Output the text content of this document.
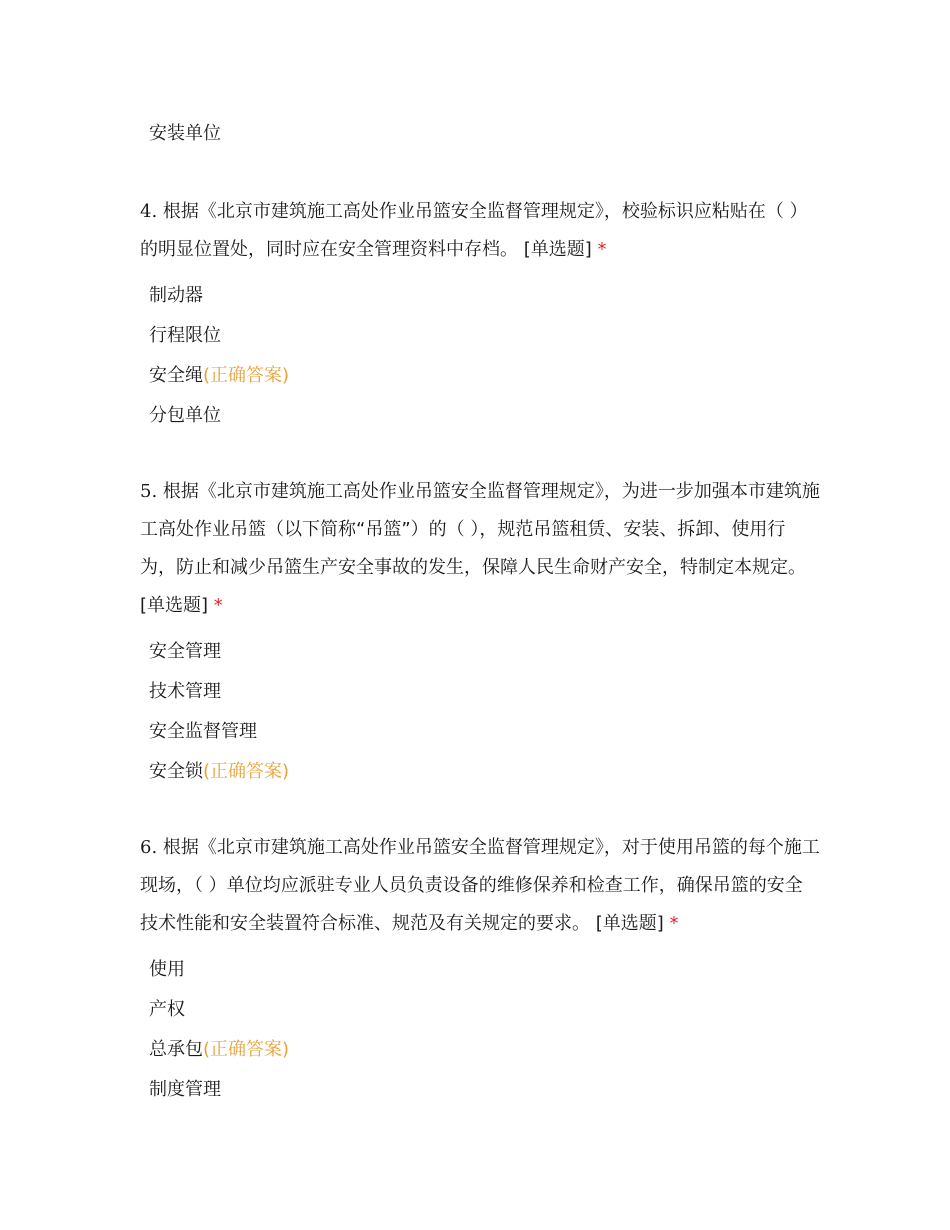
安装单位

4. 根据《北京市建筑施工高处作业吊篮安全监督管理规定》，校验标识应粘贴在（ ）的明显位置处，同时应在安全管理资料中存档。 [单选题] *

制动器
行程限位
安全绳(正确答案)
分包单位

5. 根据《北京市建筑施工高处作业吊篮安全监督管理规定》，为进一步加强本市建筑施工高处作业吊篮（以下简称“吊篮”）的（ ），规范吊篮租赁、安装、拆卸、使用行为，防止和减少吊篮生产安全事故的发生，保障人民生命财产安全，特制定本规定。 [单选题] *

安全管理
技术管理
安全监督管理
安全锁(正确答案)

6. 根据《北京市建筑施工高处作业吊篮安全监督管理规定》，对于使用吊篮的每个施工现场，（ ）单位均应派驻专业人员负责设备的维修保养和检查工作，确保吊篮的安全技术性能和安全装置符合标准、规范及有关规定的要求。 [单选题] *

使用
产权
总承包(正确答案)
制度管理
